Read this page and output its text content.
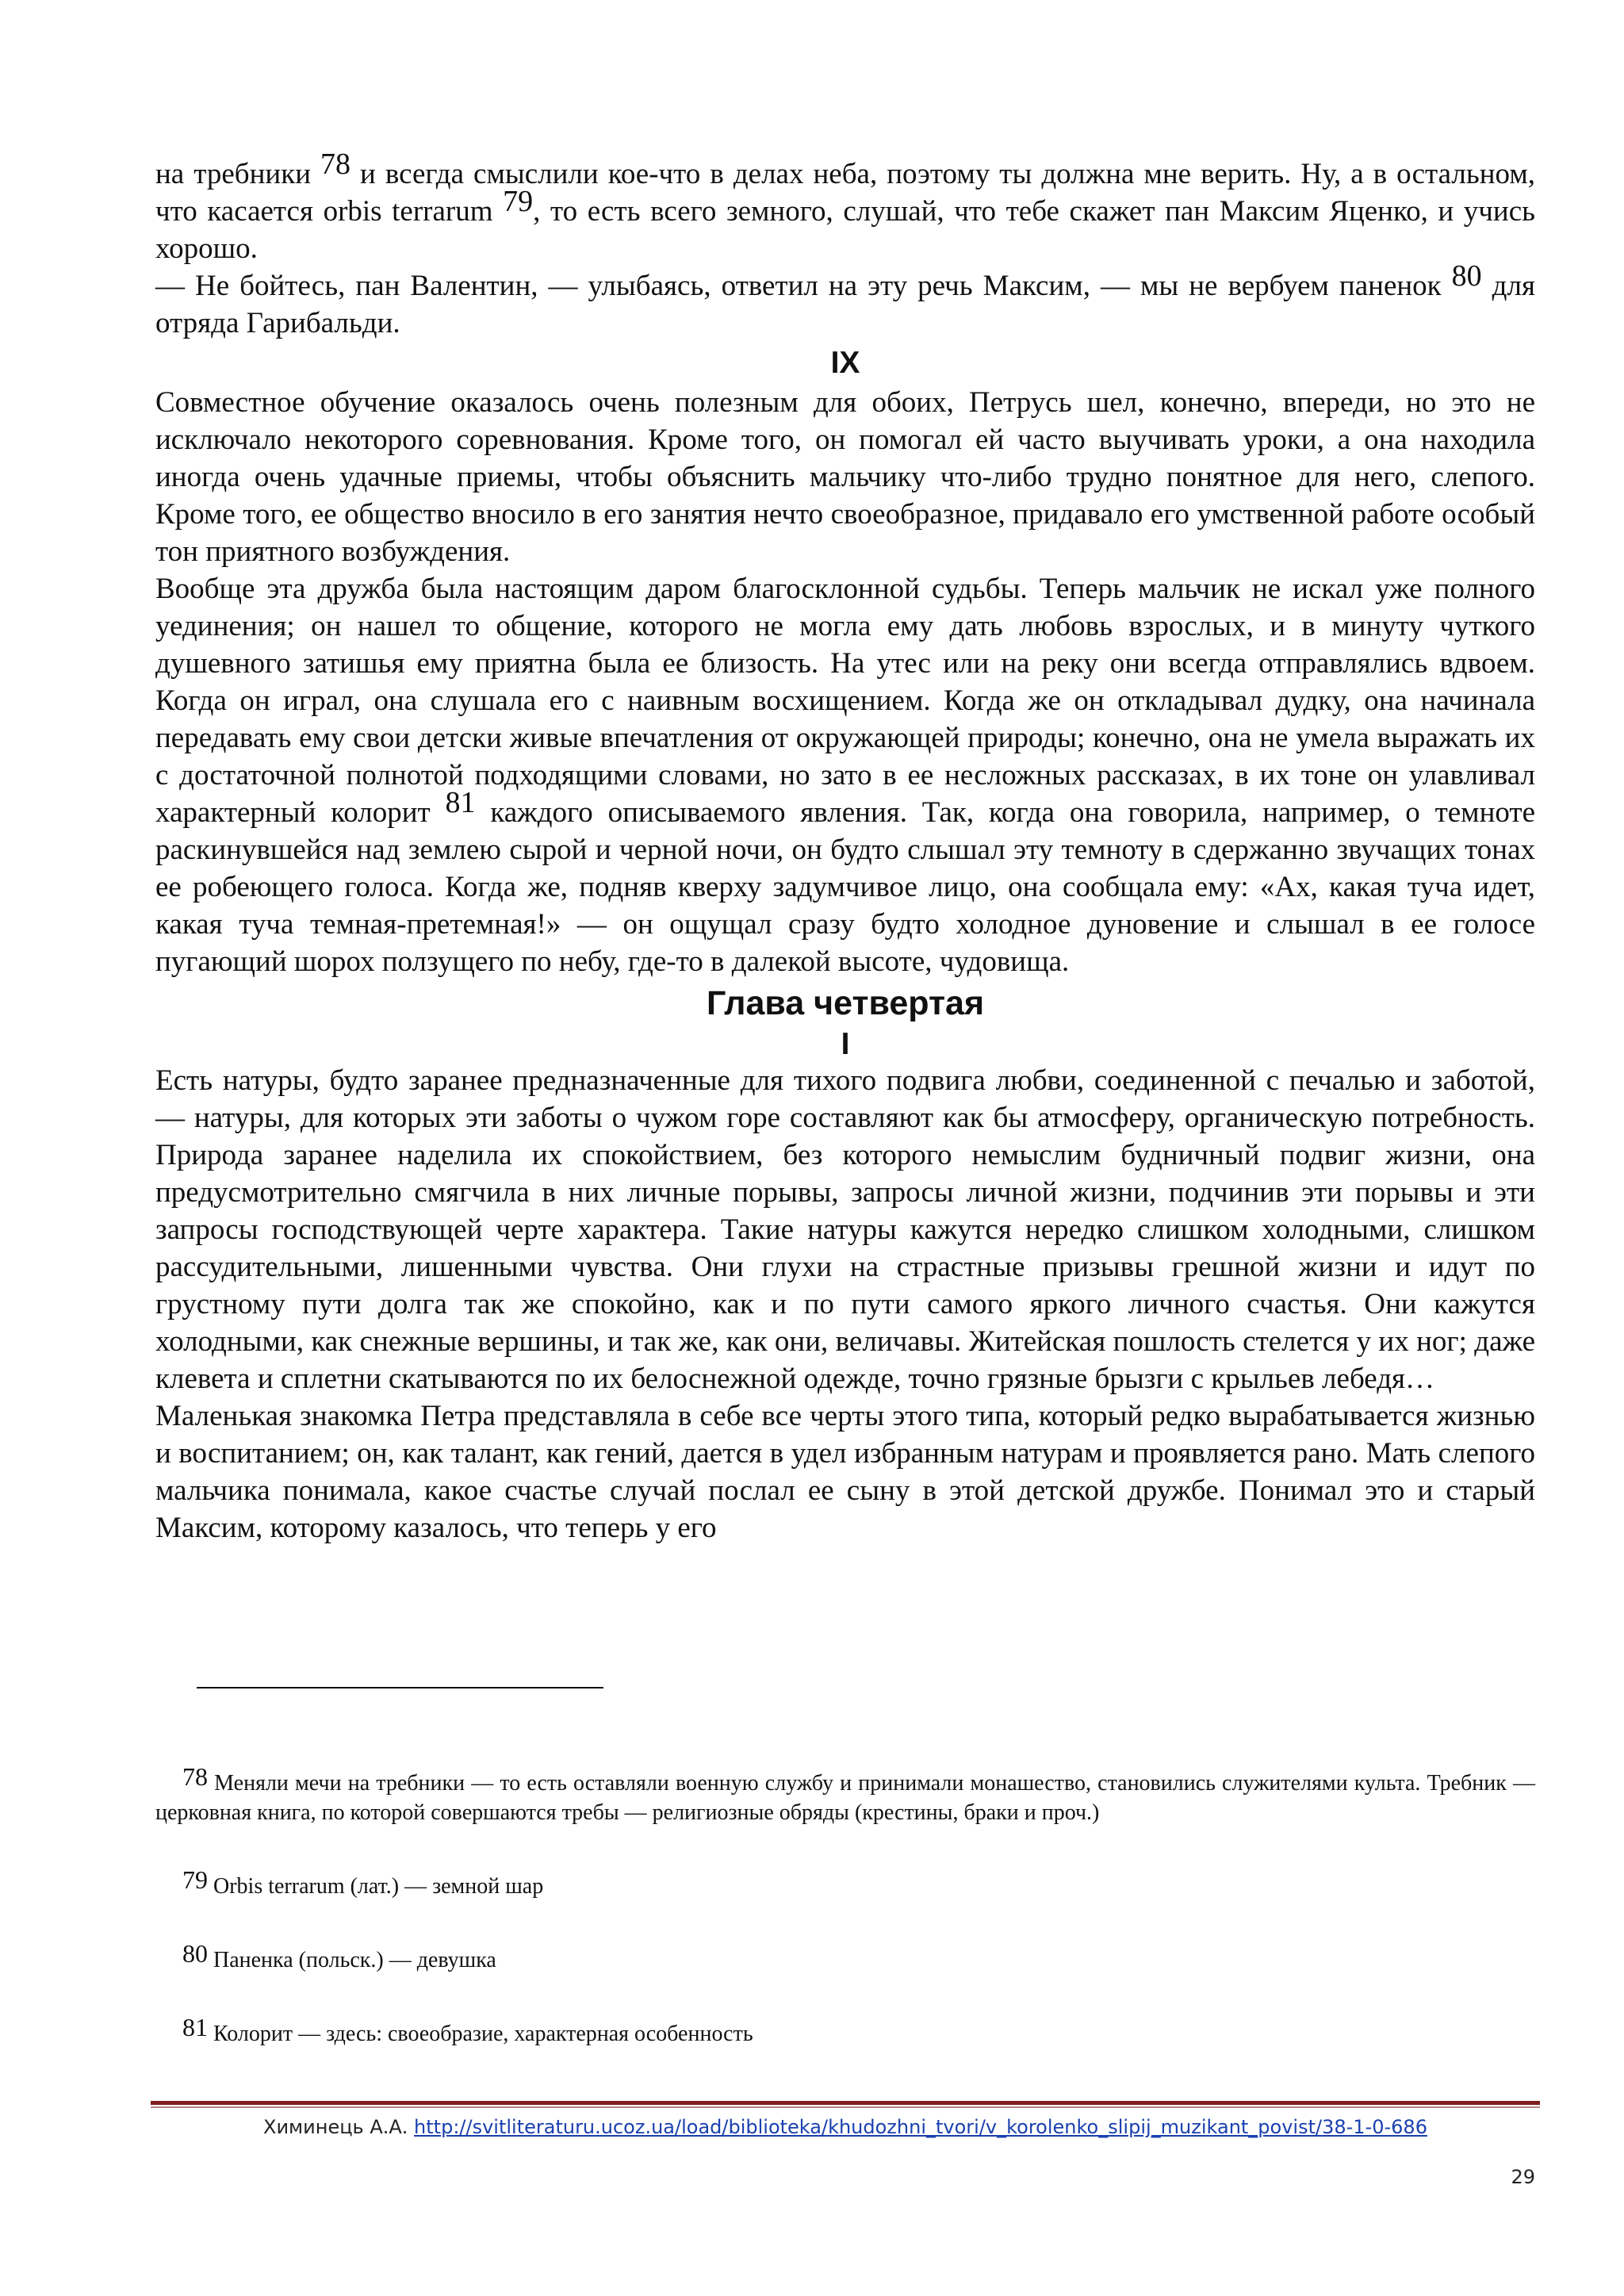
на требники $^{78}$ и всегда смыслили кое-что в делах неба, поэтому ты должна мне верить. Ну, а в остальном, что касается orbis terrarum $^{79}$, то есть всего земного, слушай, что тебе скажет пан Максим Яценко, и учись хорошо.

— Не бойтесь, пан Валентин, — улыбаясь, ответил на эту речь Максим, — мы не вербуем паненок $^{80}$ для отряда Гарибальди.

IX

Совместное обучение оказалось очень полезным для обоих, Петрусь шел, конечно, впереди, но это не исключало некоторого соревнования. Кроме того, он помогал ей часто выучивать уроки, а она находила иногда очень удачные приемы, чтобы объяснить мальчику что-либо трудно понятное для него, слепого. Кроме того, ее общество вносило в его занятия нечто своеобразное, придавало его умственной работе особый тон приятного возбуждения.

Вообще эта дружба была настоящим даром благосклонной судьбы. Теперь мальчик не искал уже полного уединения; он нашел то общение, которого не могла ему дать любовь взрослых, и в минуту чуткого душевного затишья ему приятна была ее близость. На утес или на реку они всегда отправлялись вдвоем. Когда он играл, она слушала его с наивным восхищением. Когда же он откладывал дудку, она начинала передавать ему свои детски живые впечатления от окружающей природы; конечно, она не умела выражать их с достаточной полнотой подходящими словами, но зато в ее несложных рассказах, в их тоне он улавливал характерный колорит $^{81}$ каждого описываемого явления. Так, когда она говорила, например, о темноте раскинувшейся над землею сырой и черной ночи, он будто слышал эту темноту в сдержанно звучащих тонах ее робеющего голоса. Когда же, подняв кверху задумчивое лицо, она сообщала ему: «Ах, какая туча идет, какая туча темная-претемная!» — он ощущал сразу будто холодное дуновение и слышал в ее голосе пугающий шорох ползущего по небу, где-то в далекой высоте, чудовища.

Глава четвертая
I

Есть натуры, будто заранее предназначенные для тихого подвига любви, соединенной с печалью и заботой, — натуры, для которых эти заботы о чужом горе составляют как бы атмосферу, органическую потребность. Природа заранее наделила их спокойствием, без которого немыслим будничный подвиг жизни, она предусмотрительно смягчила в них личные порывы, запросы личной жизни, подчинив эти порывы и эти запросы господствующей черте характера. Такие натуры кажутся нередко слишком холодными, слишком рассудительными, лишенными чувства. Они глухи на страстные призывы грешной жизни и идут по грустному пути долга так же спокойно, как и по пути самого яркого личного счастья. Они кажутся холодными, как снежные вершины, и так же, как они, величавы. Житейская пошлость стелется у их ног; даже клевета и сплетни скатываются по их белоснежной одежде, точно грязные брызги с крыльев лебедя…

Маленькая знакомка Петра представляла в себе все черты этого типа, который редко вырабатывается жизнью и воспитанием; он, как талант, как гений, дается в удел избранным натурам и проявляется рано. Мать слепого мальчика понимала, какое счастье случай послал ее сыну в этой детской дружбе. Понимал это и старый Максим, которому казалось, что теперь у его

78 Меняли мечи на требники — то есть оставляли военную службу и принимали монашество, становились служителями культа. Требник — церковная книга, по которой совершаются требы — религиозные обряды (крестины, браки и проч.)

79 Orbis terrarum (лат.) — земной шар

80 Паненка (польск.) — девушка

81 Колорит — здесь: своеобразие, характерная особенность

Химинець А.А. http://svitliteraturu.ucoz.ua/load/biblioteka/khudozhni_tvori/v_korolenko_slipij_muzikant_povist/38-1-0-686
29
